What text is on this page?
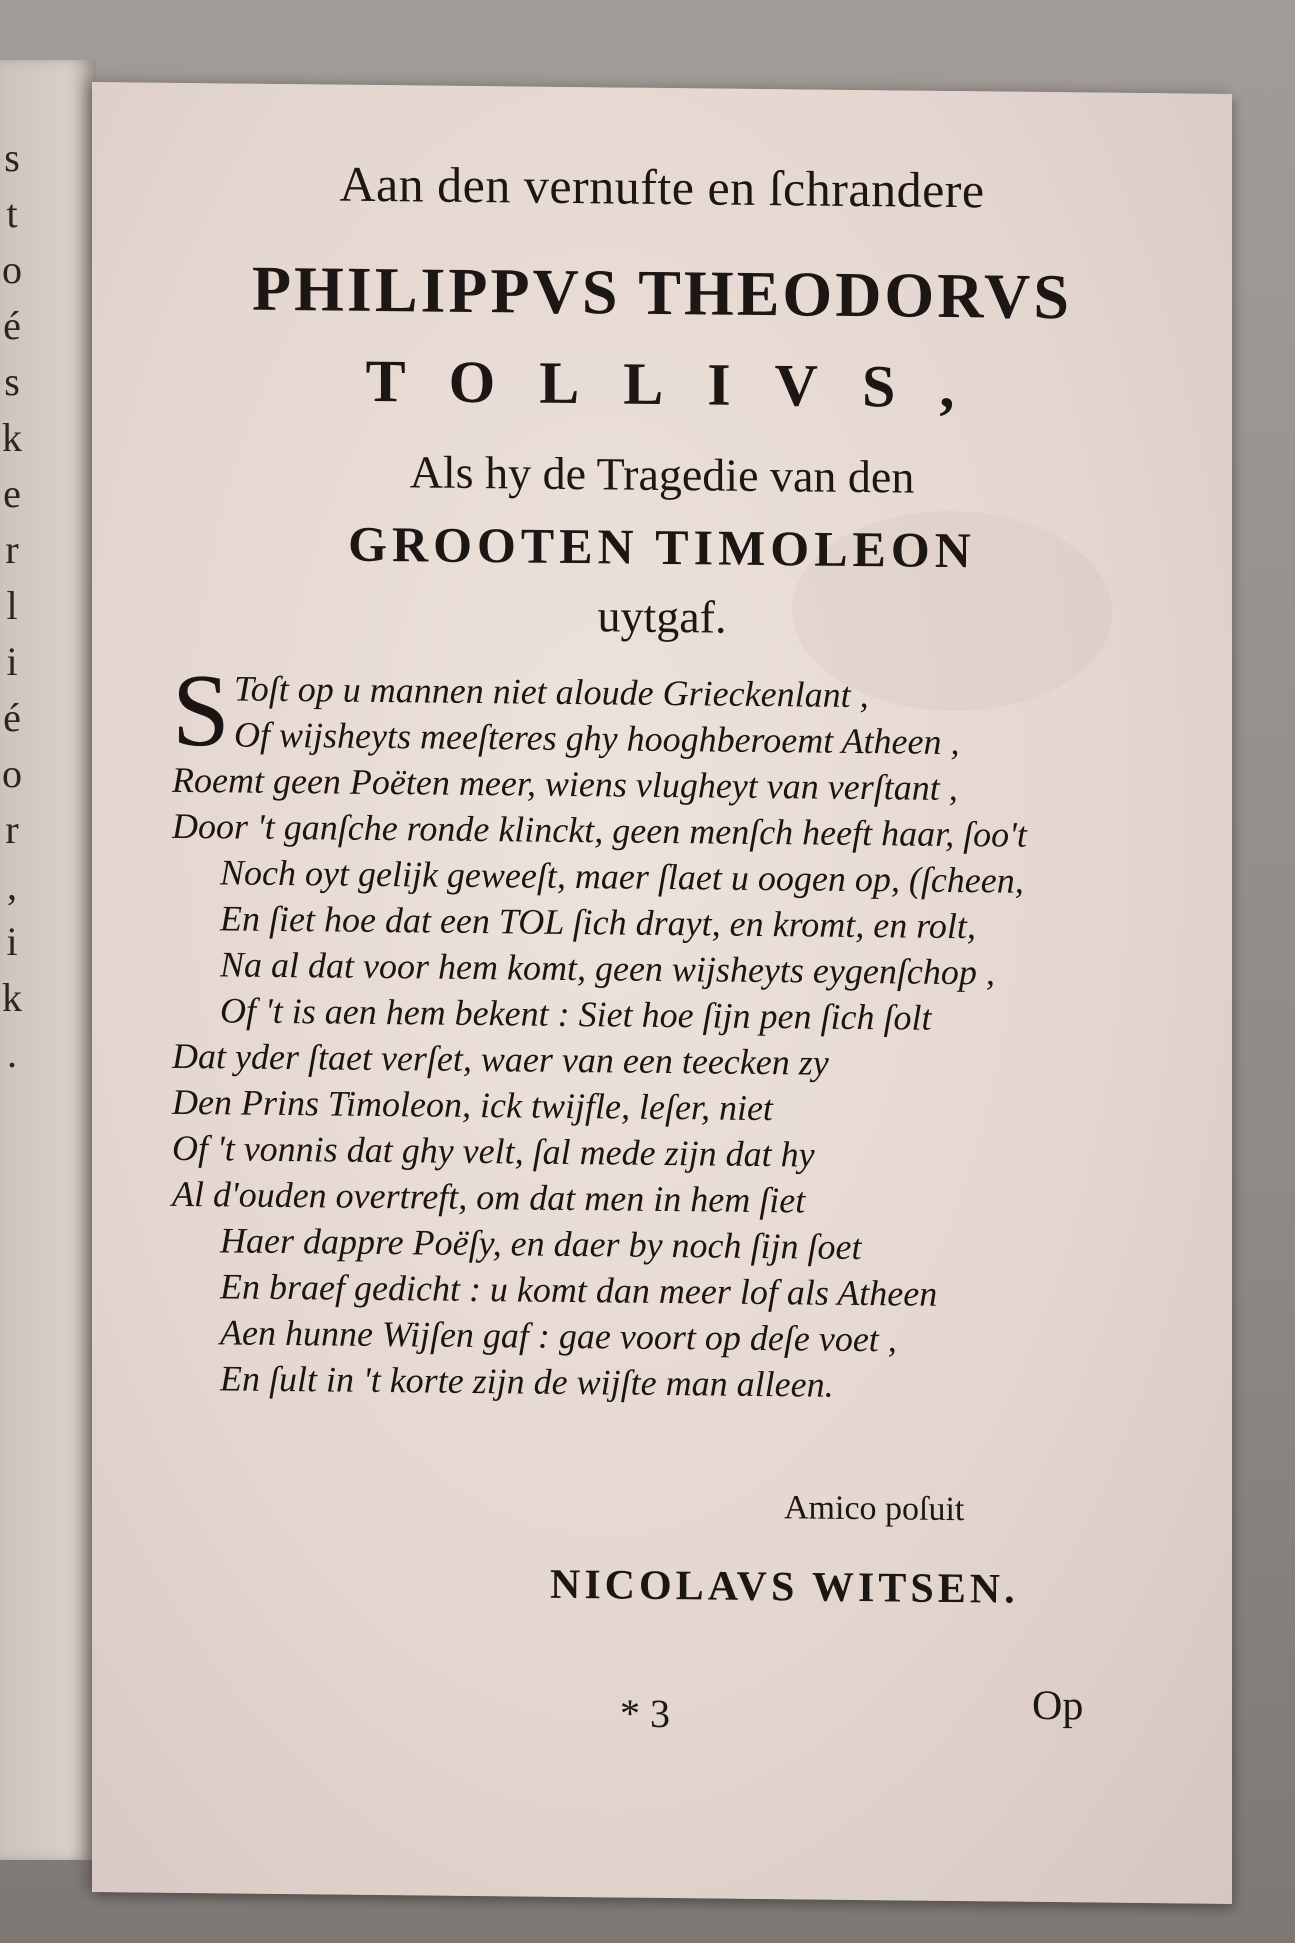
s
t
o
é
s
k
e
r
l
i
é
o
r
,
i
k
.
Aan den vernufte en ſchrandere
PHILIPPVS THEODORVS
TOLLIVS,
Als hy de Tragedie van den
GROOTEN TIMOLEON
uytgaf.
S Toſt op u mannen niet aloude Grieckenlant ,
Of wijsheyts meeſteres ghy hooghberoemt Atheen ,
Roemt geen Poëten meer, wiens vlugheyt van verſtant ,
Door 't ganſche ronde klinckt, geen menſch heeft haar, ſoo't
Noch oyt gelijk geweeſt, maer ſlaet u oogen op, (ſcheen,
En ſiet hoe dat een TOL ſich drayt, en kromt, en rolt,
Na al dat voor hem komt, geen wijsheyts eygenſchop ,
Of 't is aen hem bekent : Siet hoe ſijn pen ſich ſolt
Dat yder ſtaet verſet, waer van een teecken zy
Den Prins Timoleon, ick twijfle, leſer, niet
Of 't vonnis dat ghy velt, ſal mede zijn dat hy
Al d'ouden overtreft, om dat men in hem ſiet
Haer dappre Poëſy, en daer by noch ſijn ſoet
En braef gedicht : u komt dan meer lof als Atheen
Aen hunne Wijſen gaf : gae voort op deſe voet ,
En ſult in 't korte zijn de wijſte man alleen.
Amico poſuit
NICOLAVS WITSEN.
* 3	Op
